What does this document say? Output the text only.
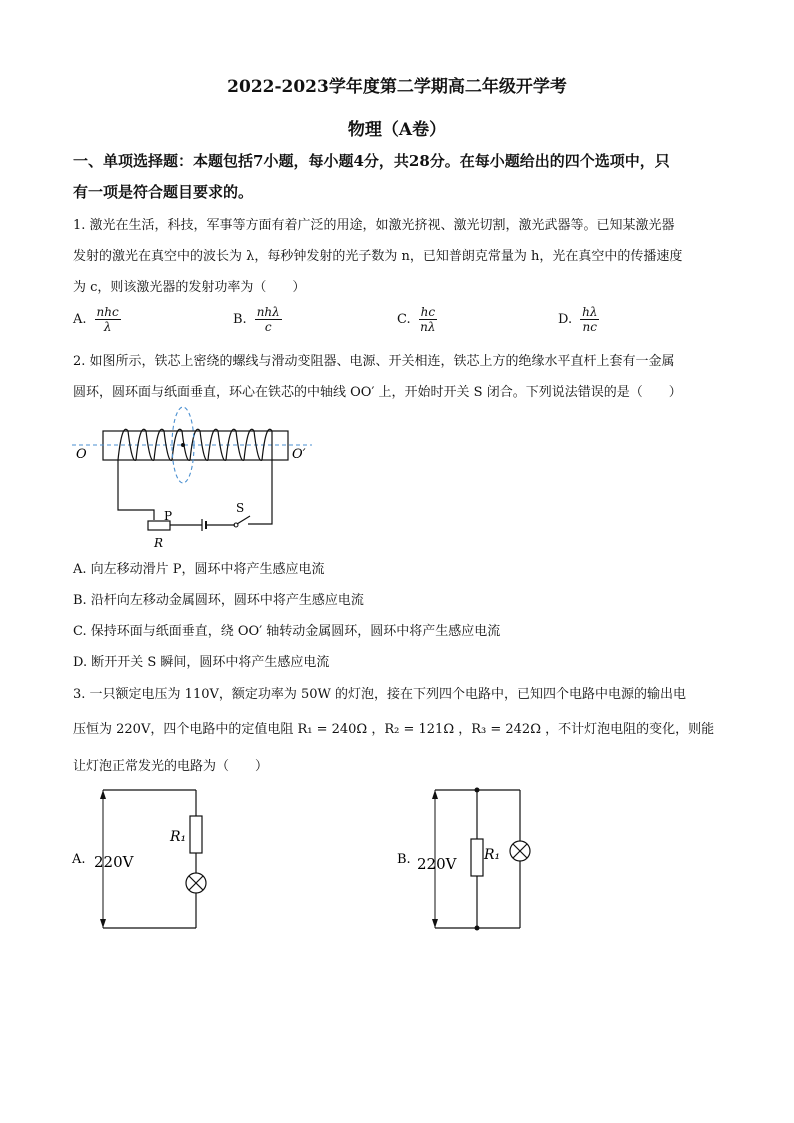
2022-2023学年度第二学期高二年级开学考
物理（A卷）
一、单项选择题：本题包括7小题，每小题4分，共28分。在每小题给出的四个选项中，只
有一项是符合题目要求的。
1. 激光在生活，科技，军事等方面有着广泛的用途，如激光挤视、激光切割，激光武器等。已知某激光器
发射的激光在真空中的波长为 λ，每秒钟发射的光子数为 n，已知普朗克常量为 h，光在真空中的传播速度
为 c，则该激光器的发射功率为（　　）
A. $\frac{\text{nhc}}{\lambda}$	B. $\frac{\text{nhλ}}{c}$	C. $\frac{hc}{n\lambda}$	D. $\frac{h\lambda}{nc}$
2. 如图所示，铁芯上密绕的螺线与滑动变阻器、电源、开关相连，铁芯上方的绝缘水平直杆上套有一金属
圆环，圆环面与纸面垂直，环心在铁芯的中轴线 OO′ 上，开始时开关 S 闭合。下列说法错误的是（　　）
O	O′
P
R
S
A. 向左移动滑片 P，圆环中将产生感应电流
B. 沿杆向左移动金属圆环，圆环中将产生感应电流
C. 保持环面与纸面垂直，绕 OO′ 轴转动金属圆环，圆环中将产生感应电流
D. 断开开关 S 瞬间，圆环中将产生感应电流
3. 一只额定电压为 110V，额定功率为 50W 的灯泡，接在下列四个电路中，已知四个电路中电源的输出电
压恒为 220V，四个电路中的定值电阻 R₁ = 240Ω ，R₂ = 121Ω ，R₃ = 242Ω ，不计灯泡电阻的变化，则能
让灯泡正常发光的电路为（　　）
A. 220V
R₁
B. 220V R₁
